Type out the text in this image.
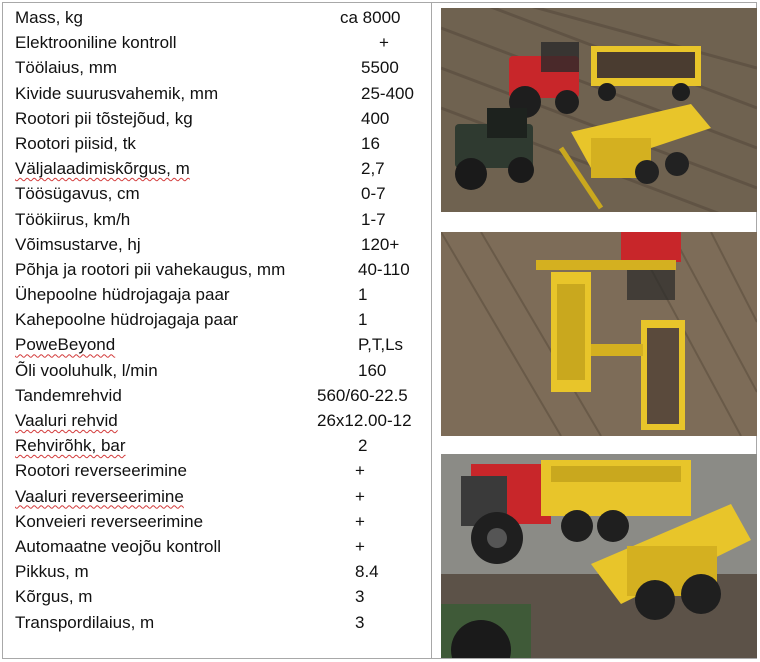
Mass, kg	ca 8000
Elektrooniline kontroll	+
Töölaius, mm	5500
Kivide suurusvahemik, mm	25-400
Rootori pii tõstejõud, kg	400
Rootori piisid, tk	16
Väljalaadimiskõrgus, m	2,7
Töösügavus, cm	0-7
Töökiirus, km/h	1-7
Võimsustarve, hj	120+
Põhja ja rootori pii vahekaugus, mm	40-110
Ühepoolne hüdrojagaja paar	1
Kahepoolne hüdrojagaja paar	1
PoweBeyond	P,T,Ls
Õli vooluhulk, l/min	160
Tandemrehvid	560/60-22.5
Vaaluri rehvid	26x12.00-12
Rehvirõhk, bar	2
Rootori reverseerimine	+
Vaaluri reverseerimine	+
Konveieri reverseerimine	+
Automaatne veojõu kontroll	+
Pikkus, m	8.4
Kõrgus, m	3
Transpordilaius, m	3
